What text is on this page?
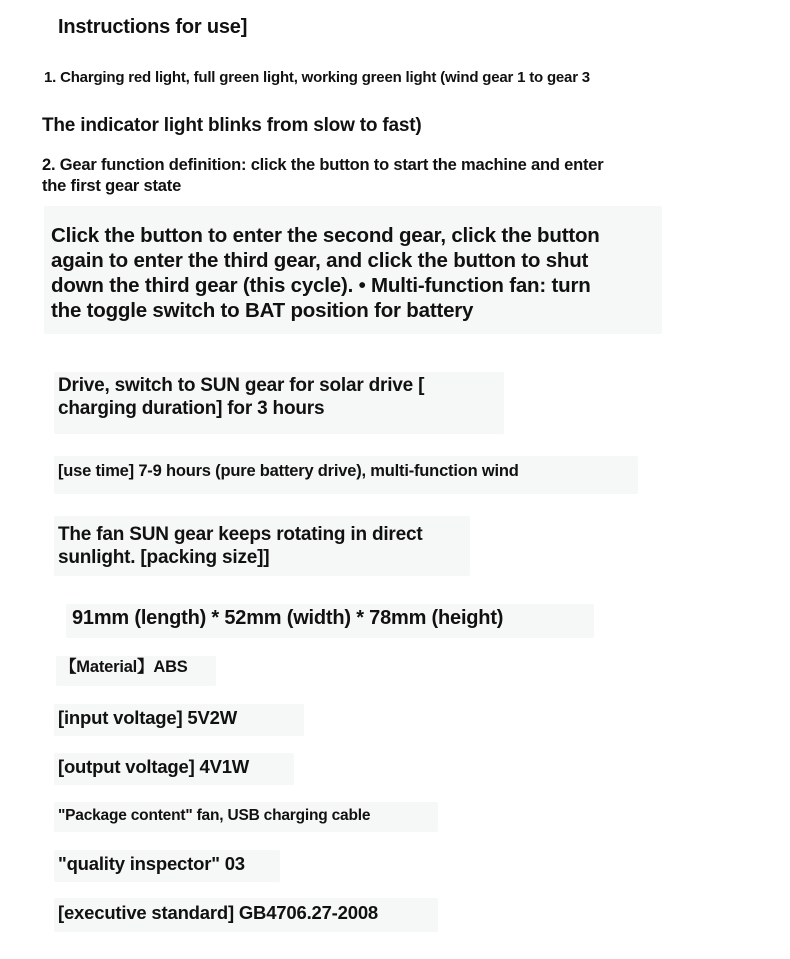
Instructions for use]
1. Charging red light, full green light, working green light (wind gear 1 to gear 3
The indicator light blinks from slow to fast)
2. Gear function definition: click the button to start the machine and enter
the first gear state
Click the button to enter the second gear, click the button
again to enter the third gear, and click the button to shut
down the third gear (this cycle). • Multi-function fan: turn
the toggle switch to BAT position for battery
Drive, switch to SUN gear for solar drive [
charging duration] for 3 hours
[use time] 7-9 hours (pure battery drive), multi-function wind
The fan SUN gear keeps rotating in direct
sunlight. [packing size]]
91mm (length) * 52mm (width) * 78mm (height)
【Material】ABS
[input voltage] 5V2W
[output voltage] 4V1W
"Package content" fan, USB charging cable
"quality inspector" 03
[executive standard] GB4706.27-2008
